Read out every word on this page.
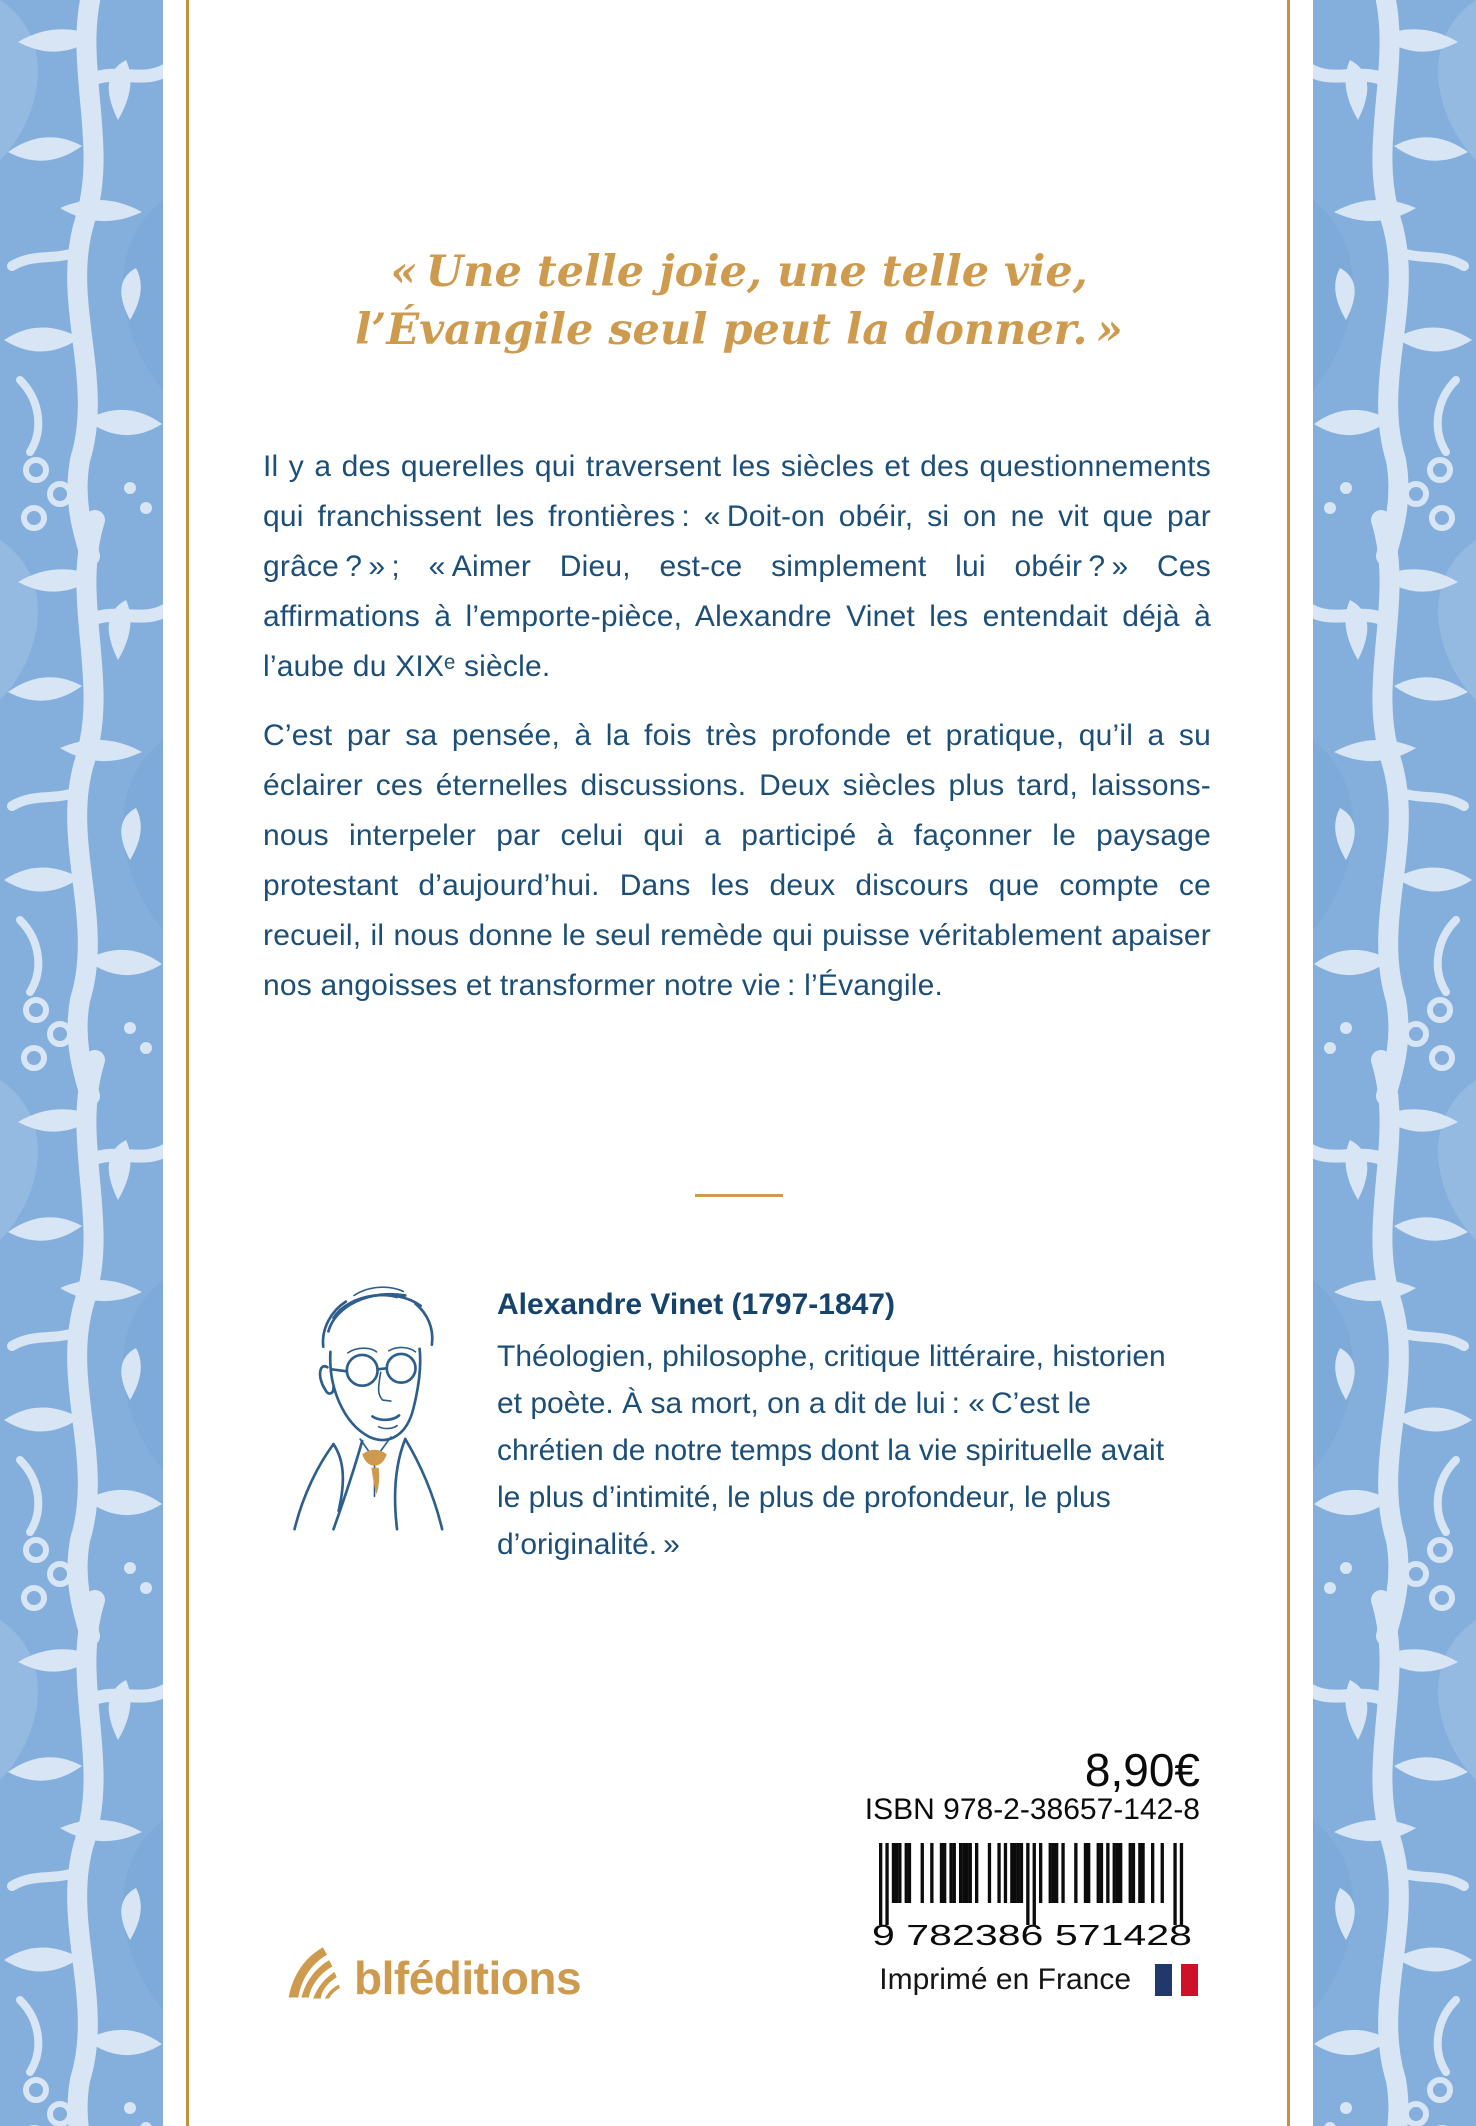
« Une telle joie, une telle vie,
l’Évangile seul peut la donner. »

Il y a des querelles qui traversent les siècles et des questionnements qui franchissent les frontières : « Doit-on obéir, si on ne vit que par grâce ? » ; « Aimer Dieu, est-ce simplement lui obéir ? » Ces affirmations à l’emporte-pièce, Alexandre Vinet les entendait déjà à l’aube du XIXᵉ siècle.

C’est par sa pensée, à la fois très profonde et pratique, qu’il a su éclairer ces éternelles discussions. Deux siècles plus tard, laissons-nous interpeler par celui qui a participé à façonner le paysage protestant d’aujourd’hui. Dans les deux discours que compte ce recueil, il nous donne le seul remède qui puisse véritablement apaiser nos angoisses et transformer notre vie : l’Évangile.

Alexandre Vinet (1797-1847)

Théologien, philosophe, critique littéraire, historien et poète. À sa mort, on a dit de lui : « C’est le chrétien de notre temps dont la vie spirituelle avait le plus d’intimité, le plus de profondeur, le plus d’originalité. »

8,90€
ISBN 978-2-38657-142-8
9 782386 571428
Imprimé en France
blféditions
